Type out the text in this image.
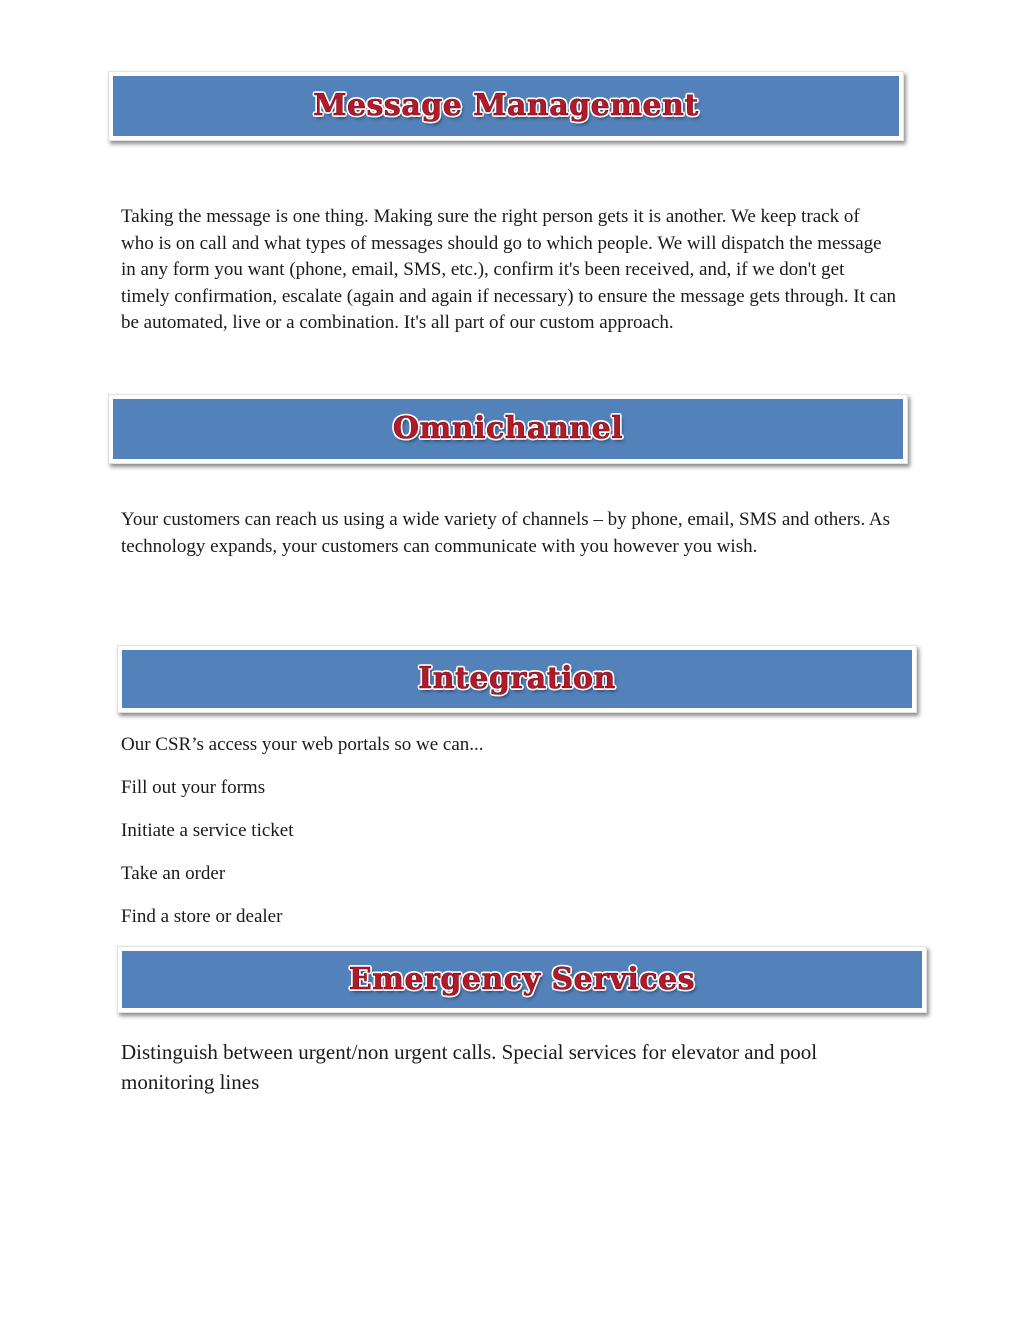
Message Management

Taking the message is one thing. Making sure the right person gets it is another. We keep track of who is on call and what types of messages should go to which people. We will dispatch the message in any form you want (phone, email, SMS, etc.), confirm it's been received, and, if we don't get timely confirmation, escalate (again and again if necessary) to ensure the message gets through. It can be automated, live or a combination. It's all part of our custom approach.

Omnichannel

Your customers can reach us using a wide variety of channels – by phone, email, SMS and others. As technology expands, your customers can communicate with you however you wish.

Integration

Our CSR’s access your web portals so we can...

Fill out your forms

Initiate a service ticket

Take an order

Find a store or dealer

Emergency Services

Distinguish between urgent/non urgent calls. Special services for elevator and pool monitoring lines
